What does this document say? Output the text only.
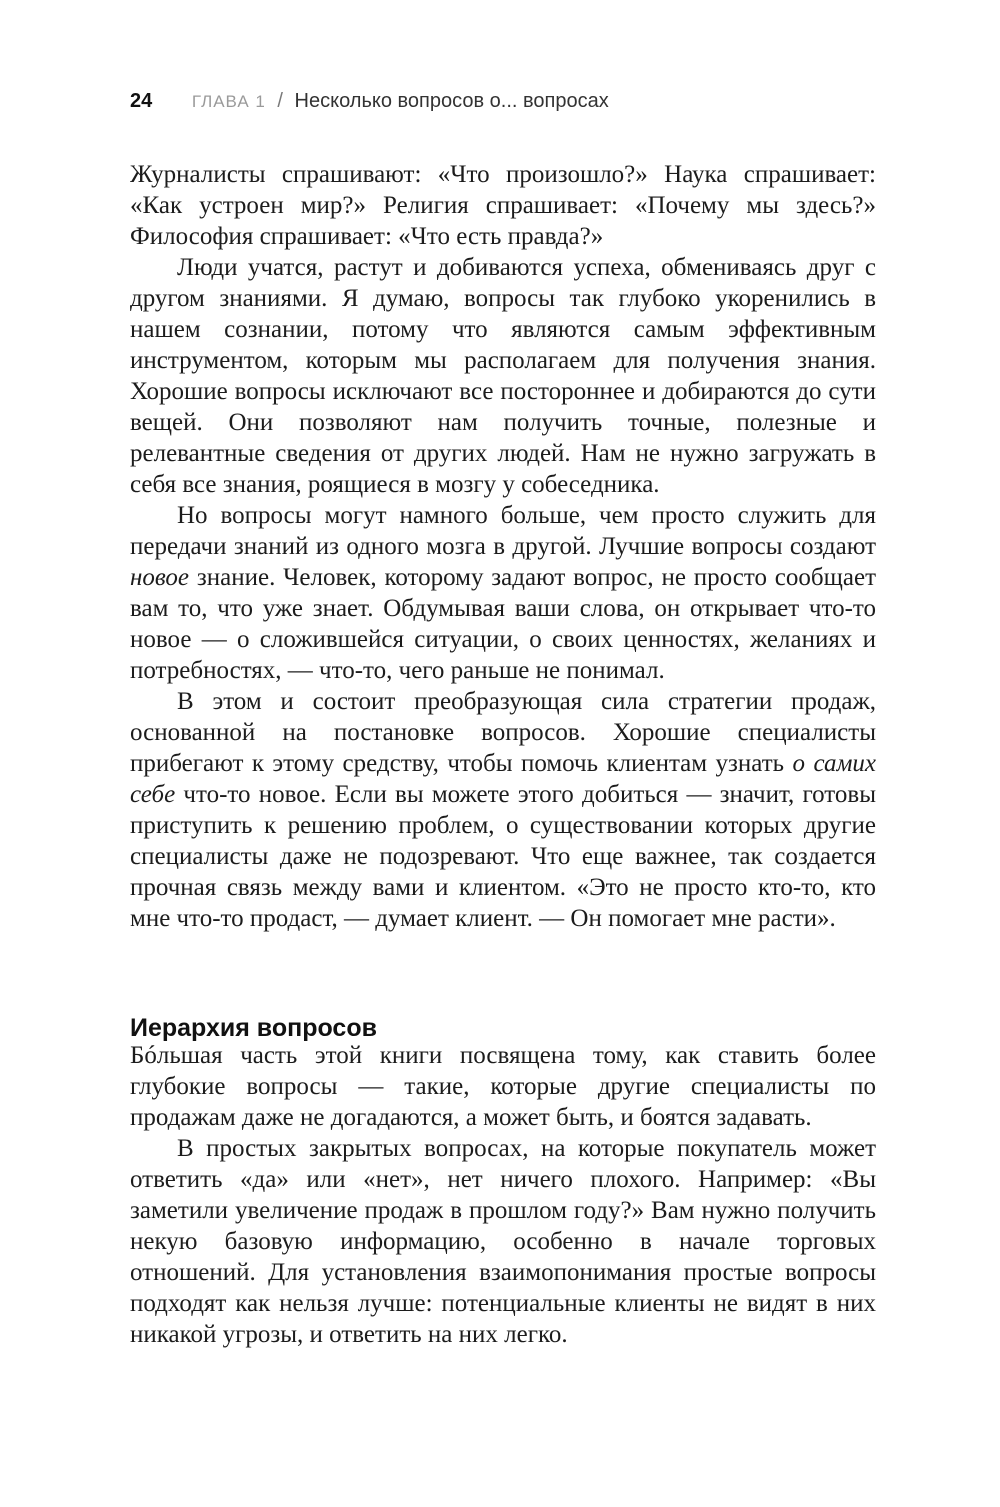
24 ГЛАВА 1 / Несколько вопросов о... вопросах

Журналисты спрашивают: «Что произошло?» Наука спрашивает: «Как устроен мир?» Религия спрашивает: «Почему мы здесь?» Философия спрашивает: «Что есть правда?»

Люди учатся, растут и добиваются успеха, обмениваясь друг с другом знаниями. Я думаю, вопросы так глубоко укоренились в нашем сознании, потому что являются самым эффективным инструментом, которым мы располагаем для получения знания. Хорошие вопросы исключают все постороннее и добираются до сути вещей. Они позволяют нам получить точные, полезные и релевантные сведения от других людей. Нам не нужно загружать в себя все знания, роящиеся в мозгу у собеседника.

Но вопросы могут намного больше, чем просто служить для передачи знаний из одного мозга в другой. Лучшие вопросы создают новое знание. Человек, которому задают вопрос, не просто сообщает вам то, что уже знает. Обдумывая ваши слова, он открывает что-то новое — о сложившейся ситуации, о своих ценностях, желаниях и потребностях, — что-то, чего раньше не понимал.

В этом и состоит преобразующая сила стратегии продаж, основанной на постановке вопросов. Хорошие специалисты прибегают к этому средству, чтобы помочь клиентам узнать о самих себе что-то новое. Если вы можете этого добиться — значит, готовы приступить к решению проблем, о существовании которых другие специалисты даже не подозревают. Что еще важнее, так создается прочная связь между вами и клиентом. «Это не просто кто-то, кто мне что-то продаст, — думает клиент. — Он помогает мне расти».

Иерархия вопросов

Бóльшая часть этой книги посвящена тому, как ставить более глубокие вопросы — такие, которые другие специалисты по продажам даже не догадаются, а может быть, и боятся задавать.

В простых закрытых вопросах, на которые покупатель может ответить «да» или «нет», нет ничего плохого. Например: «Вы заметили увеличение продаж в прошлом году?» Вам нужно получить некую базовую информацию, особенно в начале торговых отношений. Для установления взаимопонимания простые вопросы подходят как нельзя лучше: потенциальные клиенты не видят в них никакой угрозы, и ответить на них легко.
